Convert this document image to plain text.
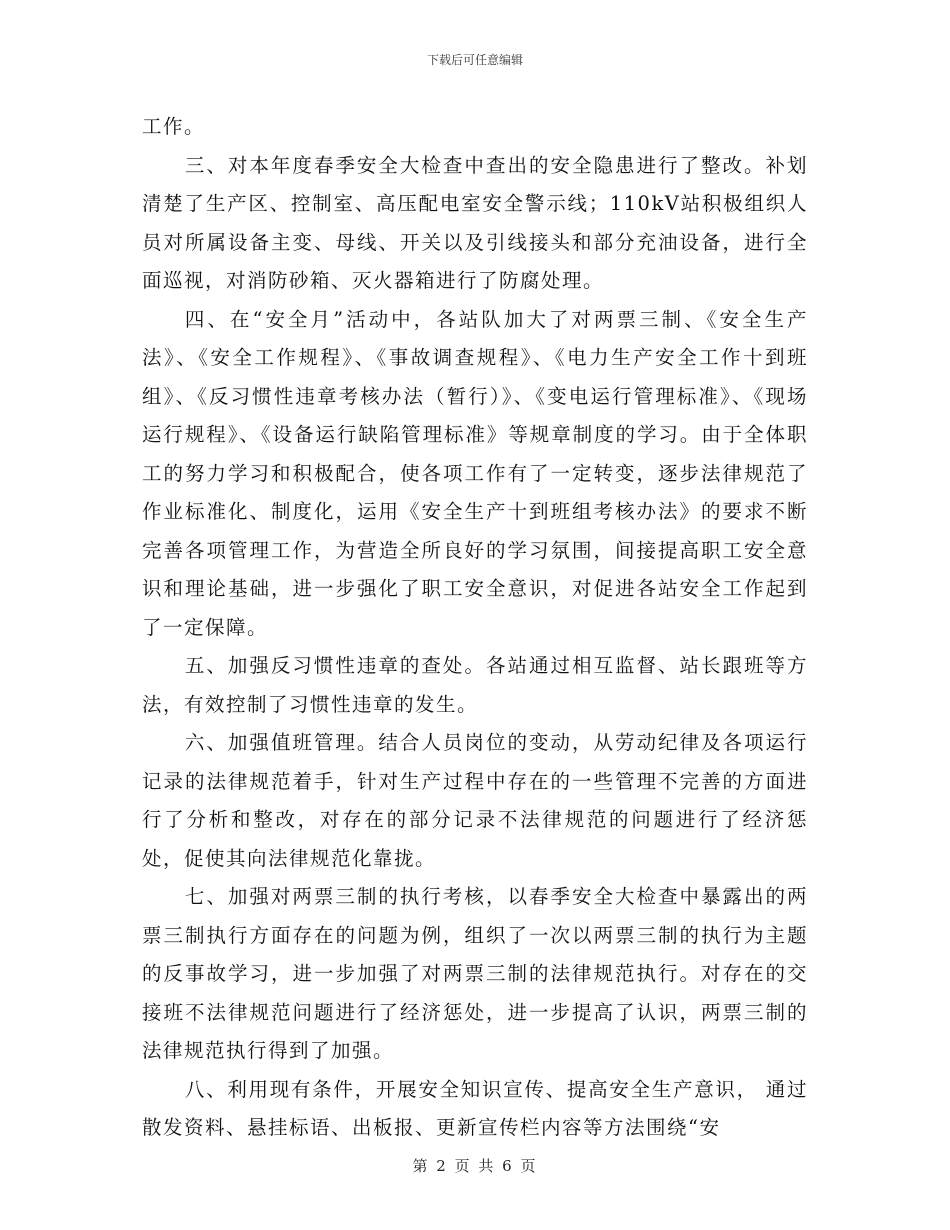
下载后可任意编辑

工作。

三、对本年度春季安全大检查中查出的安全隐患进行了整改。补划清楚了生产区、控制室、高压配电室安全警示线；110kV站积极组织人员对所属设备主变、母线、开关以及引线接头和部分充油设备，进行全面巡视，对消防砂箱、灭火器箱进行了防腐处理。

四、在“安全月”活动中，各站队加大了对两票三制、《安全生产法》、《安全工作规程》、《事故调查规程》、《电力生产安全工作十到班组》、《反习惯性违章考核办法（暂行）》、《变电运行管理标准》、《现场运行规程》、《设备运行缺陷管理标准》等规章制度的学习。由于全体职工的努力学习和积极配合，使各项工作有了一定转变，逐步法律规范了作业标准化、制度化，运用《安全生产十到班组考核办法》的要求不断完善各项管理工作，为营造全所良好的学习氛围，间接提高职工安全意识和理论基础，进一步强化了职工安全意识，对促进各站安全工作起到了一定保障。

五、加强反习惯性违章的查处。各站通过相互监督、站长跟班等方法，有效控制了习惯性违章的发生。

六、加强值班管理。结合人员岗位的变动，从劳动纪律及各项运行记录的法律规范着手，针对生产过程中存在的一些管理不完善的方面进行了分析和整改，对存在的部分记录不法律规范的问题进行了经济惩处，促使其向法律规范化靠拢。

七、加强对两票三制的执行考核，以春季安全大检查中暴露出的两票三制执行方面存在的问题为例，组织了一次以两票三制的执行为主题的反事故学习，进一步加强了对两票三制的法律规范执行。对存在的交接班不法律规范问题进行了经济惩处，进一步提高了认识，两票三制的法律规范执行得到了加强。

八、利用现有条件，开展安全知识宣传、提高安全生产意识， 通过散发资料、悬挂标语、出板报、更新宣传栏内容等方法围绕“安

第 2 页 共 6 页
